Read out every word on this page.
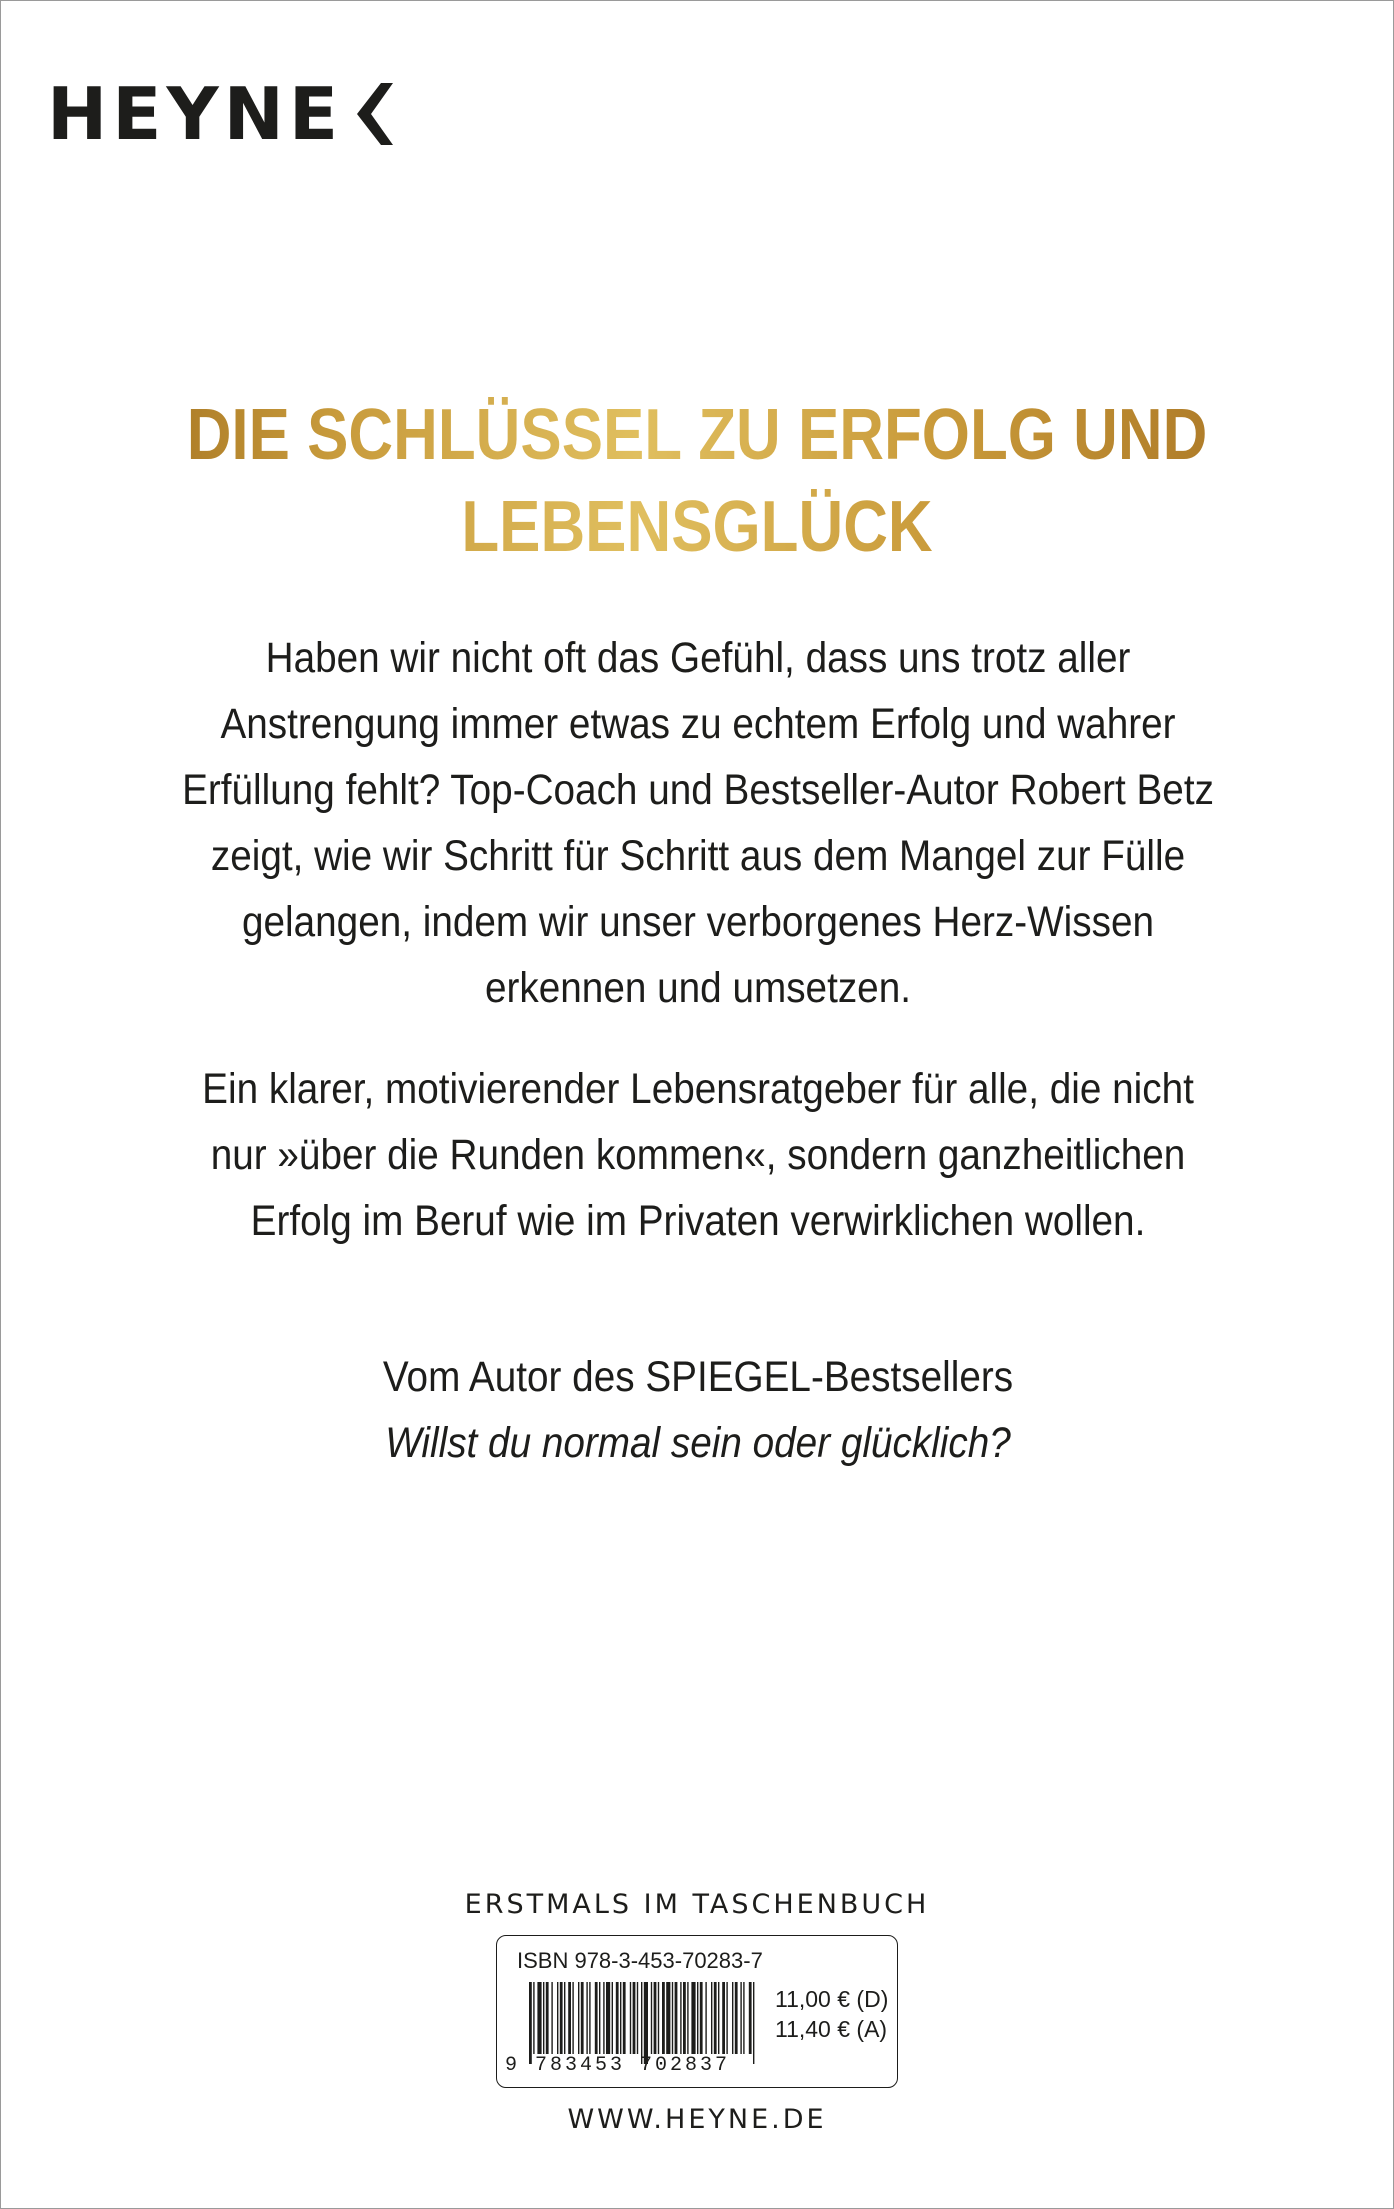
HEYNE
DIE SCHLÜSSEL ZU ERFOLG UND
LEBENSGLÜCK
Haben wir nicht oft das Gefühl, dass uns trotz aller
Anstrengung immer etwas zu echtem Erfolg und wahrer
Erfüllung fehlt? Top-Coach und Bestseller-Autor Robert Betz
zeigt, wie wir Schritt für Schritt aus dem Mangel zur Fülle
gelangen, indem wir unser verborgenes Herz-Wissen
erkennen und umsetzen.
Ein klarer, motivierender Lebensratgeber für alle, die nicht
nur »über die Runden kommen«, sondern ganzheitlichen
Erfolg im Beruf wie im Privaten verwirklichen wollen.
Vom Autor des SPIEGEL-Bestsellers
Willst du normal sein oder glücklich?
ERSTMALS IM TASCHENBUCH
ISBN 978-3-453-70283-7
9 783453 702837
11,00 € (D)
11,40 € (A)
WWW.HEYNE.DE
